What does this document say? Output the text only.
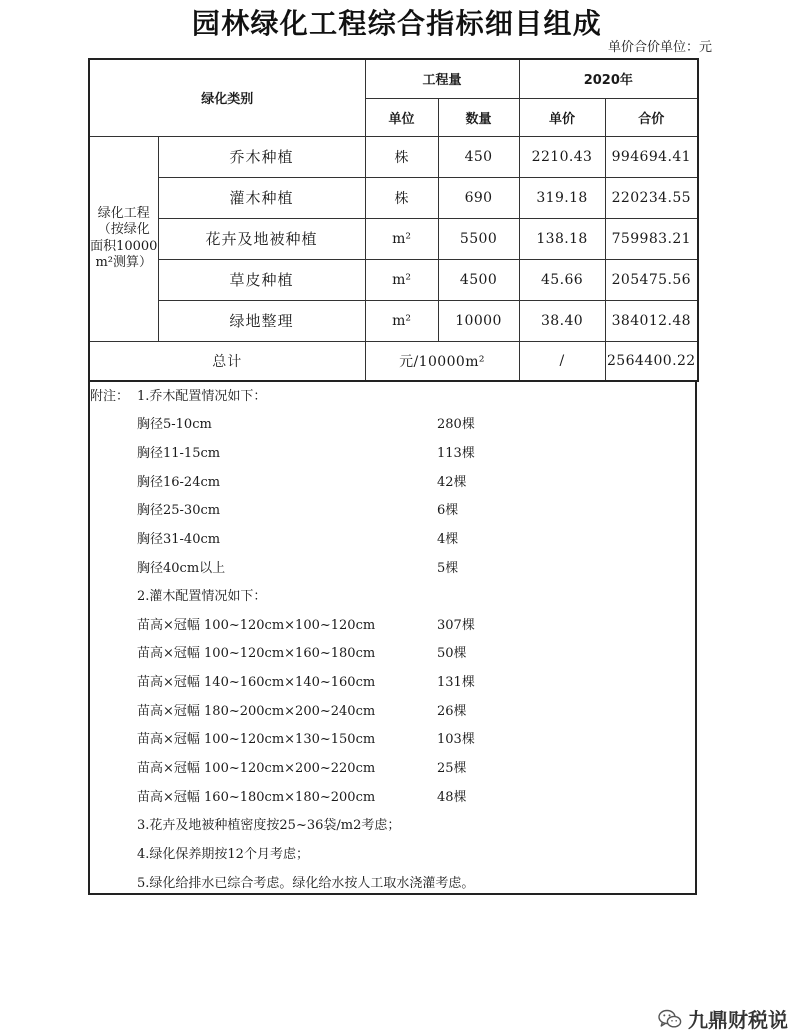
园林绿化工程综合指标细目组成
单价合价单位：元
绿化类别		工程量		2020年	
		单位	数量	单价	合价

绿化工程
（按绿化
面积10000
m²测算）	乔木种植	株	450	2210.43	994694.41
	灌木种植	株	690	319.18	220234.55
	花卉及地被种植	m²	5500	138.18	759983.21
	草皮种植	m²	4500	45.66	205475.56
	绿地整理	m²	10000	38.40	384012.48
总计		元/10000m²		/	2564400.22
附注： 1.乔木配置情况如下：
胸径5-10cm	280棵
胸径11-15cm	113棵
胸径16-24cm	42棵
胸径25-30cm	6棵
胸径31-40cm	4棵
胸径40cm以上	5棵
2.灌木配置情况如下：
苗高×冠幅 100~120cm×100~120cm	307棵
苗高×冠幅 100~120cm×160~180cm	50棵
苗高×冠幅 140~160cm×140~160cm	131棵
苗高×冠幅 180~200cm×200~240cm	26棵
苗高×冠幅 100~120cm×130~150cm	103棵
苗高×冠幅 100~120cm×200~220cm	25棵
苗高×冠幅 160~180cm×180~200cm	48棵
3.花卉及地被种植密度按25~36袋/m2考虑；
4.绿化保养期按12个月考虑；
5.绿化给排水已综合考虑。绿化给水按人工取水浇灌考虑。
九鼎财税说
